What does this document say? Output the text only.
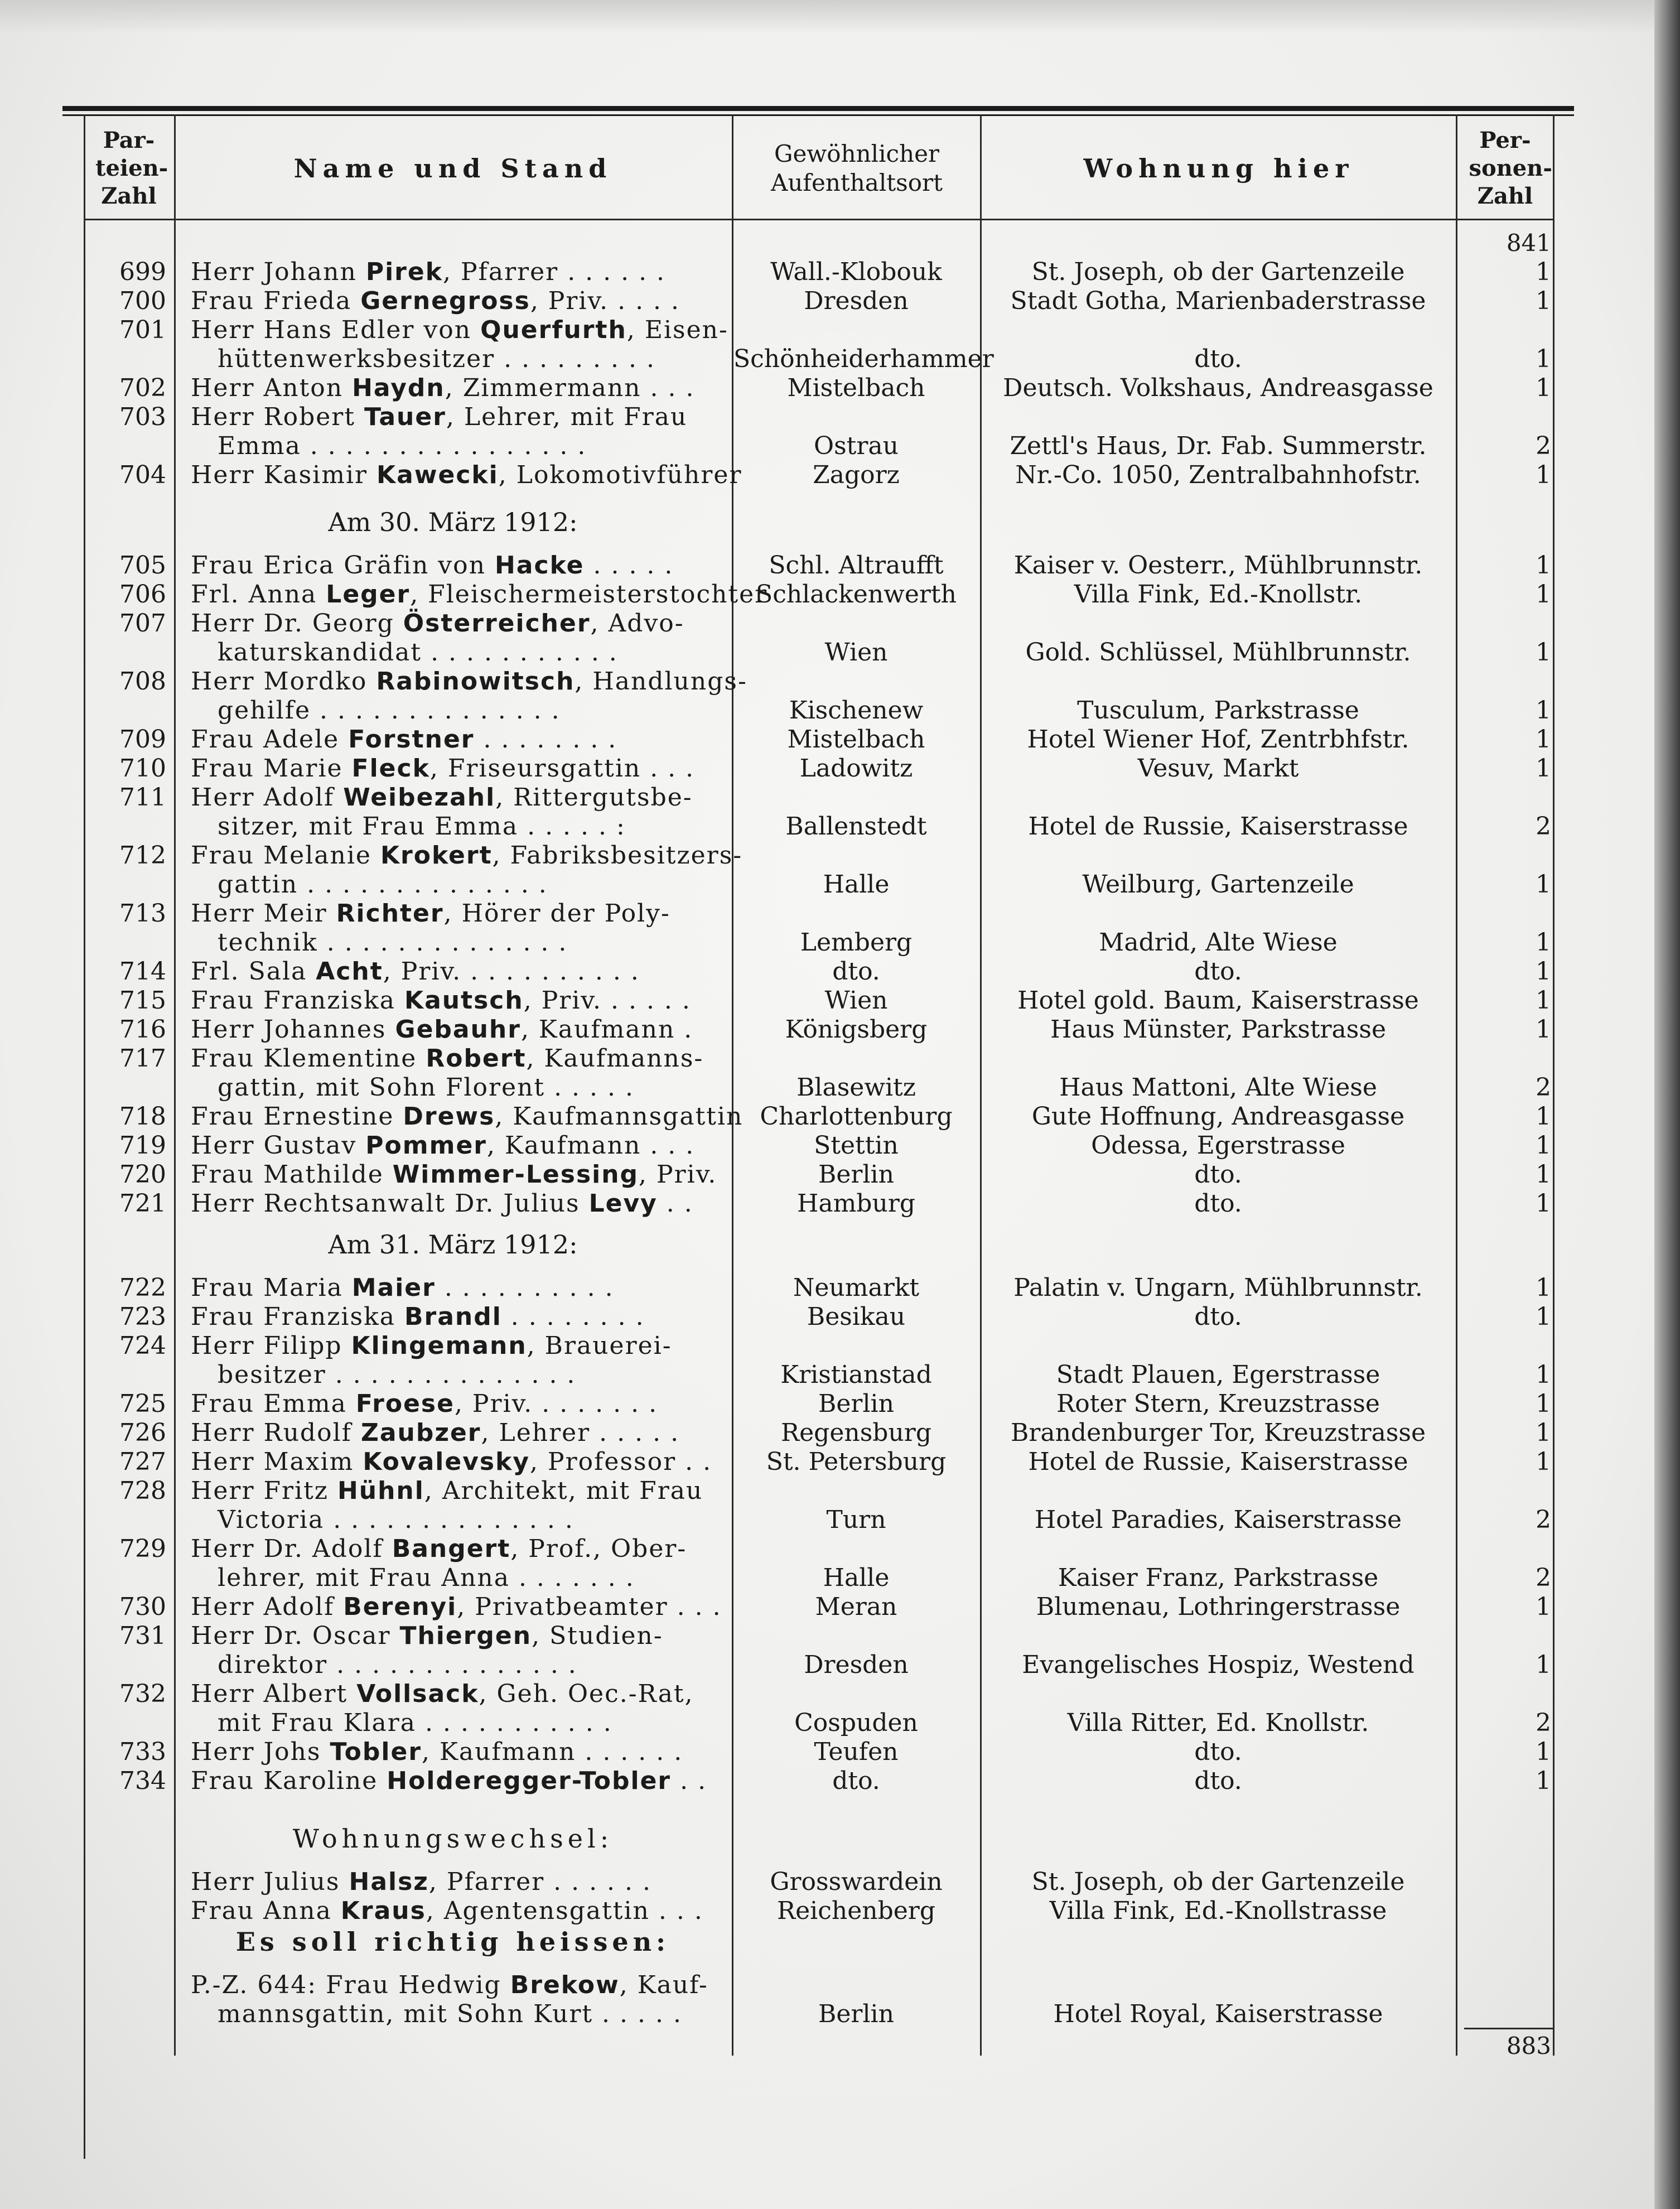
Par- teien- Zahl
Name und Stand	Gewöhnlicher Aufenthaltsort	Wohnung hier
Per- sonen- Zahl
841
699 Herr Johann Pirek, Pfarrer . . . . . .	Wall.-Klobouk	St. Joseph, ob der Gartenzeile	1
700 Frau Frieda Gernegross, Priv. . . . .	Dresden	Stadt Gotha, Marienbaderstrasse	1
701 Herr Hans Edler von Querfurth, Eisen-
hüttenwerksbesitzer . . . . . . . . .	Schönheiderhammer	dto.	1
702 Herr Anton Haydn, Zimmermann . . .	Mistelbach	Deutsch. Volkshaus, Andreasgasse	1
703 Herr Robert Tauer, Lehrer, mit Frau
Emma . . . . . . . . . . . . . . . .	Ostrau	Zettl's Haus, Dr. Fab. Summerstr.	2
704 Herr Kasimir Kawecki, Lokomotivführer	Zagorz	Nr.-Co. 1050, Zentralbahnhofstr.	1
Am 30. März 1912:
705 Frau Erica Gräfin von Hacke . . . . .	Schl. Altraufft	Kaiser v. Oesterr., Mühlbrunnstr.	1
706 Frl. Anna Leger, Fleischermeisterstochter
Schlackenwerth	Villa Fink, Ed.-Knollstr.	1
707 Herr Dr. Georg Österreicher, Advo-
katurskandidat . . . . . . . . . . .	Wien	Gold. Schlüssel, Mühlbrunnstr.	1
708 Herr Mordko Rabinowitsch, Handlungs-
gehilfe . . . . . . . . . . . . . .	Kischenew	Tusculum, Parkstrasse	1
709 Frau Adele Forstner . . . . . . . .	Mistelbach	Hotel Wiener Hof, Zentrbhfstr.	1
710 Frau Marie Fleck, Friseursgattin . . .	Ladowitz	Vesuv, Markt	1
711 Herr Adolf Weibezahl, Rittergutsbe-
sitzer, mit Frau Emma . . . . . :	Ballenstedt	Hotel de Russie, Kaiserstrasse	2
712 Frau Melanie Krokert, Fabriksbesitzers-
gattin . . . . . . . . . . . . . .	Halle	Weilburg, Gartenzeile	1
713 Herr Meir Richter, Hörer der Poly-
technik . . . . . . . . . . . . . .	Lemberg	Madrid, Alte Wiese	1
714 Frl. Sala Acht, Priv. . . . . . . . . . .	dto.	dto.	1
715 Frau Franziska Kautsch, Priv. . . . . .	Wien	Hotel gold. Baum, Kaiserstrasse	1
716 Herr Johannes Gebauhr, Kaufmann .	Königsberg	Haus Münster, Parkstrasse	1
717 Frau Klementine Robert, Kaufmanns-
gattin, mit Sohn Florent . . . . .	Blasewitz	Haus Mattoni, Alte Wiese	2
718 Frau Ernestine Drews, Kaufmannsgattin Charlottenburg	Gute Hoffnung, Andreasgasse	1
719 Herr Gustav Pommer, Kaufmann . . .	Stettin	Odessa, Egerstrasse	1
720 Frau Mathilde Wimmer-Lessing, Priv.	Berlin	dto.	1
721 Herr Rechtsanwalt Dr. Julius Levy . .	Hamburg	dto.	1
Am 31. März 1912:
722 Frau Maria Maier . . . . . . . . . .	Neumarkt	Palatin v. Ungarn, Mühlbrunnstr.	1
723 Frau Franziska Brandl . . . . . . . .	Besikau	dto.	1
724 Herr Filipp Klingemann, Brauerei-
besitzer . . . . . . . . . . . . . .	Kristianstad	Stadt Plauen, Egerstrasse	1
725 Frau Emma Froese, Priv. . . . . . . .	Berlin	Roter Stern, Kreuzstrasse	1
726 Herr Rudolf Zaubzer, Lehrer . . . . .	Regensburg	Brandenburger Tor, Kreuzstrasse	1
727 Herr Maxim Kovalevsky, Professor . .	St. Petersburg	Hotel de Russie, Kaiserstrasse	1
728 Herr Fritz Hühnl, Architekt, mit Frau
Victoria . . . . . . . . . . . . . .	Turn	Hotel Paradies, Kaiserstrasse	2
729 Herr Dr. Adolf Bangert, Prof., Ober-
lehrer, mit Frau Anna . . . . . . .	Halle	Kaiser Franz, Parkstrasse	2
730 Herr Adolf Berenyi, Privatbeamter . . .	Meran	Blumenau, Lothringerstrasse	1
731 Herr Dr. Oscar Thiergen, Studien-
direktor . . . . . . . . . . . . . .	Dresden	Evangelisches Hospiz, Westend	1
732 Herr Albert Vollsack, Geh. Oec.-Rat,
mit Frau Klara . . . . . . . . . . .	Cospuden	Villa Ritter, Ed. Knollstr.	2
733 Herr Johs Tobler, Kaufmann . . . . . .	Teufen	dto.	1
734 Frau Karoline Holderegger-Tobler . .	dto.	dto.	1
Wohnungswechsel:
Herr Julius Halsz, Pfarrer . . . . . .	Grosswardein	St. Joseph, ob der Gartenzeile
Frau Anna Kraus, Agentensgattin . . .	Reichenberg	Villa Fink, Ed.-Knollstrasse
Es soll richtig heissen:
P.-Z. 644: Frau Hedwig Brekow, Kauf-
mannsgattin, mit Sohn Kurt . . . . .	Berlin	Hotel Royal, Kaiserstrasse
883
